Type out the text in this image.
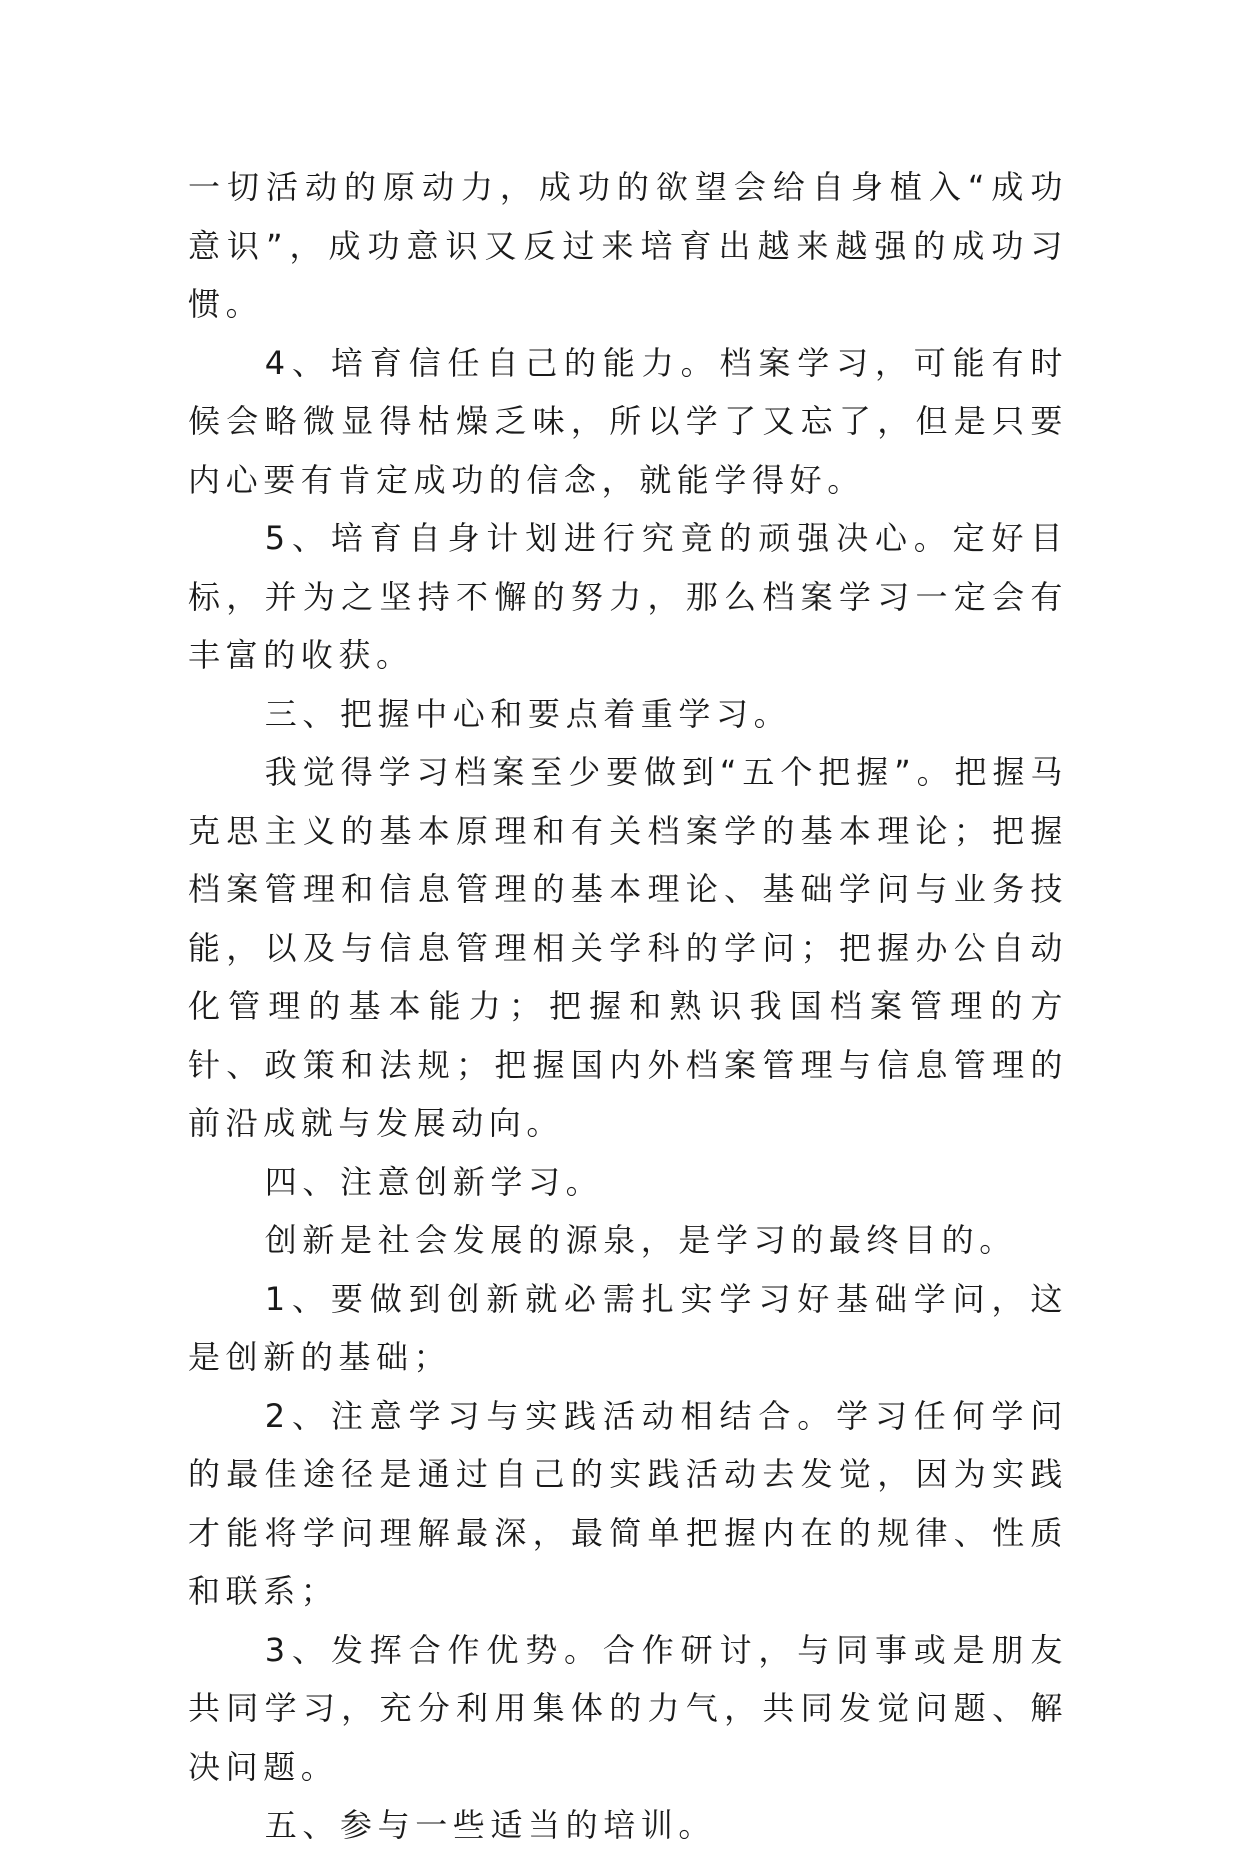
一切活动的原动力，成功的欲望会给自身植入“成功意识”，成功意识又反过来培育出越来越强的成功习惯。

4、培育信任自己的能力。档案学习，可能有时候会略微显得枯燥乏味，所以学了又忘了，但是只要内心要有肯定成功的信念，就能学得好。

5、培育自身计划进行究竟的顽强决心。定好目标，并为之坚持不懈的努力，那么档案学习一定会有丰富的收获。

三、把握中心和要点着重学习。

我觉得学习档案至少要做到“五个把握”。把握马克思主义的基本原理和有关档案学的基本理论；把握档案管理和信息管理的基本理论、基础学问与业务技能，以及与信息管理相关学科的学问；把握办公自动化管理的基本能力；把握和熟识我国档案管理的方针、政策和法规；把握国内外档案管理与信息管理的前沿成就与发展动向。

四、注意创新学习。

创新是社会发展的源泉，是学习的最终目的。

1、要做到创新就必需扎实学习好基础学问，这是创新的基础；

2、注意学习与实践活动相结合。学习任何学问的最佳途径是通过自己的实践活动去发觉，因为实践才能将学问理解最深，最简单把握内在的规律、性质和联系；

3、发挥合作优势。合作研讨，与同事或是朋友共同学习，充分利用集体的力气，共同发觉问题、解决问题。

五、参与一些适当的培训。
